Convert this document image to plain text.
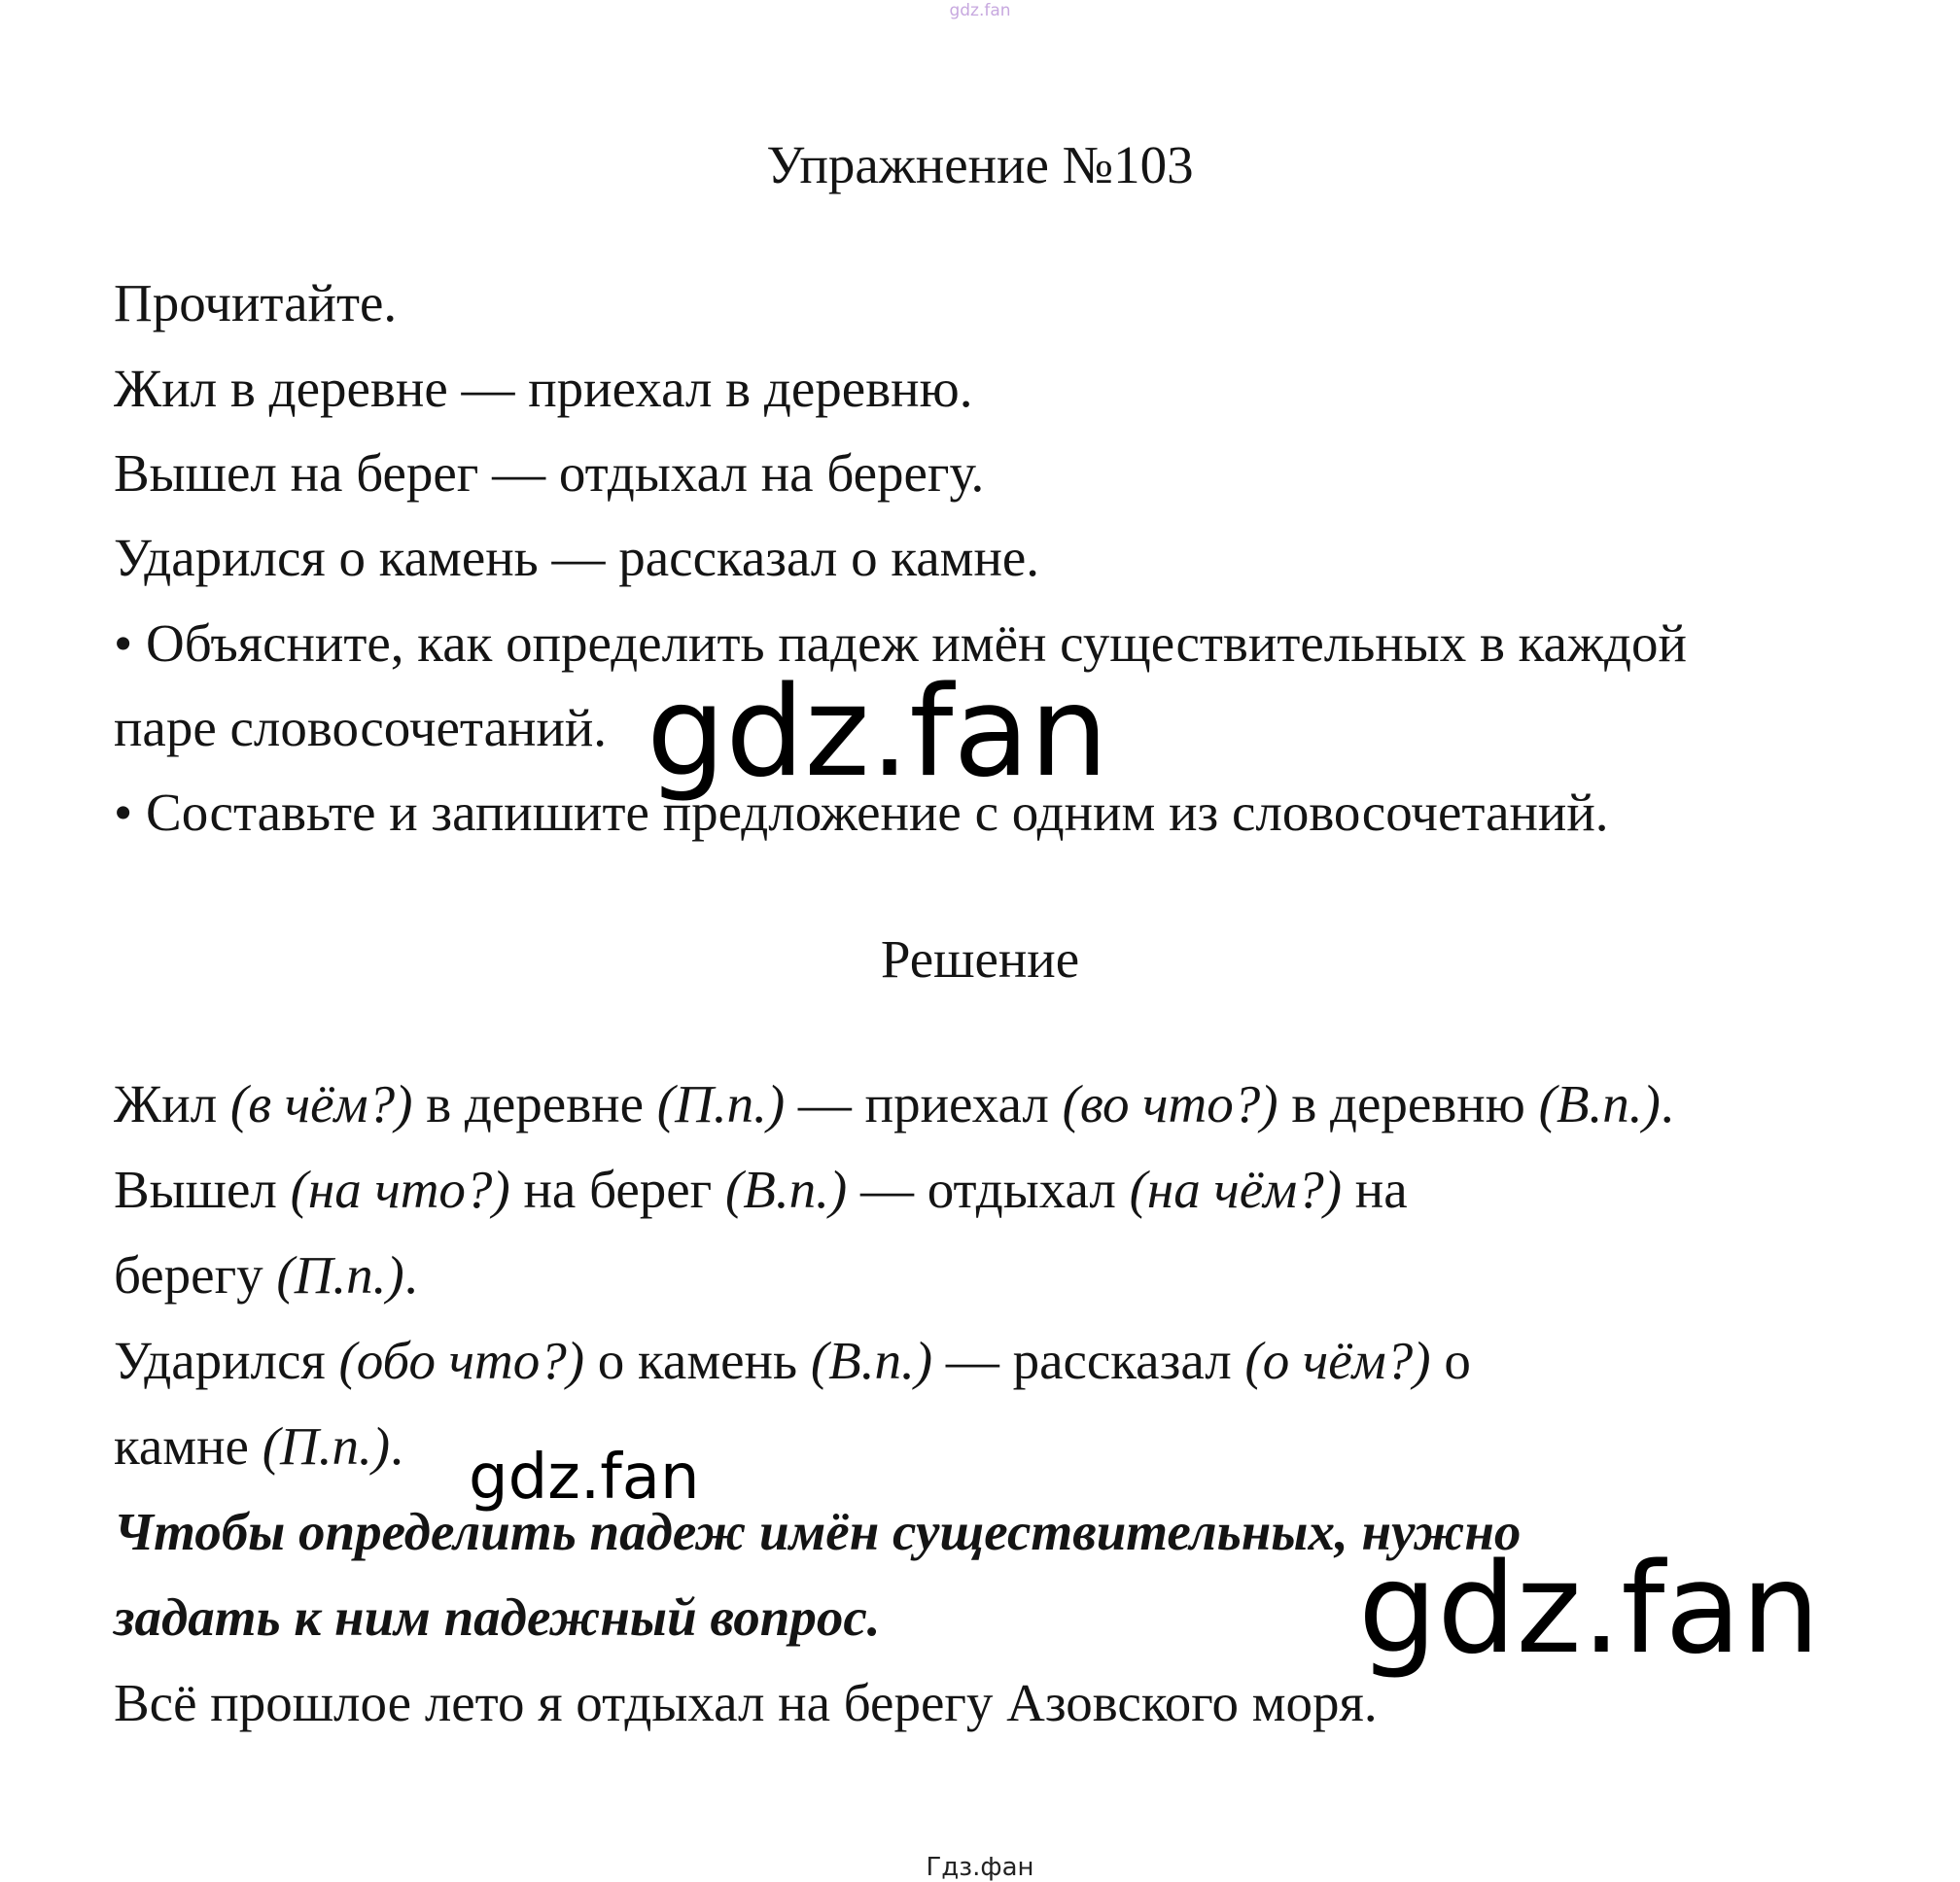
gdz.fan
Упражнение №103
Прочитайте.
Жил в деревне — приехал в деревню.
Вышел на берег — отдыхал на берегу.
Ударился о камень — рассказал о камне.
• Объясните, как определить падеж имён существительных в каждой
паре словосочетаний.
• Составьте и запишите предложение с одним из словосочетаний.
Решение
Жил (в чём?) в деревне (П.п.) — приехал (во что?) в деревню (В.п.).
Вышел (на что?) на берег (В.п.) — отдыхал (на чём?) на
берегу (П.п.).
Ударился (обо что?) о камень (В.п.) — рассказал (о чём?) о
камне (П.п.).
Чтобы определить падеж имён существительных, нужно
задать к ним падежный вопрос.
Всё прошлое лето я отдыхал на берегу Азовского моря.
gdz.fan
gdz.fan
gdz.fan
Гдз.фан
